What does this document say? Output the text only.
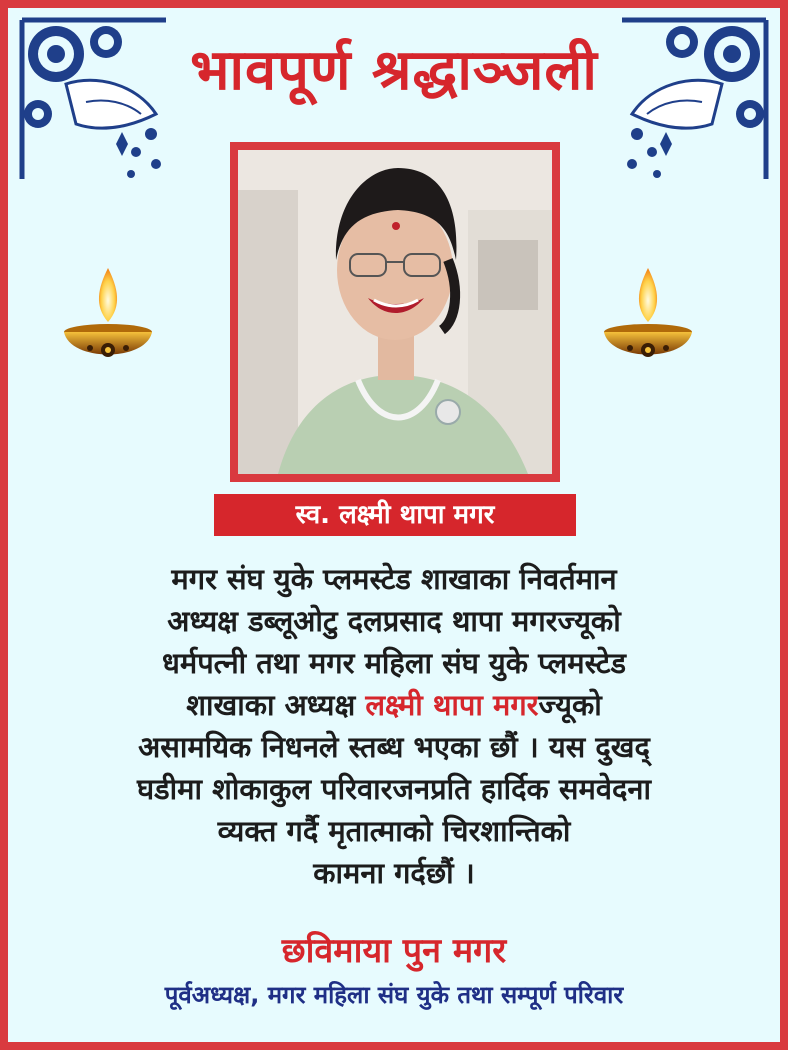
भावपूर्ण श्रद्धाञ्जली
स्व. लक्ष्मी थापा मगर
मगर संघ युके प्लमस्टेड शाखाका निवर्तमान
अध्यक्ष डब्लूओटु दलप्रसाद थापा मगरज्यूको
धर्मपत्नी तथा मगर महिला संघ युके प्लमस्टेड
शाखाका अध्यक्ष लक्ष्मी थापा मगरज्यूको
असामयिक निधनले स्तब्ध भएका छौं । यस दुखद्
घडीमा शोकाकुल परिवारजनप्रति हार्दिक समवेदना
व्यक्त गर्दै मृतात्माको चिरशान्तिको
कामना गर्दछौं ।
छविमाया पुन मगर
पूर्वअध्यक्ष, मगर महिला संघ युके तथा सम्पूर्ण परिवार
